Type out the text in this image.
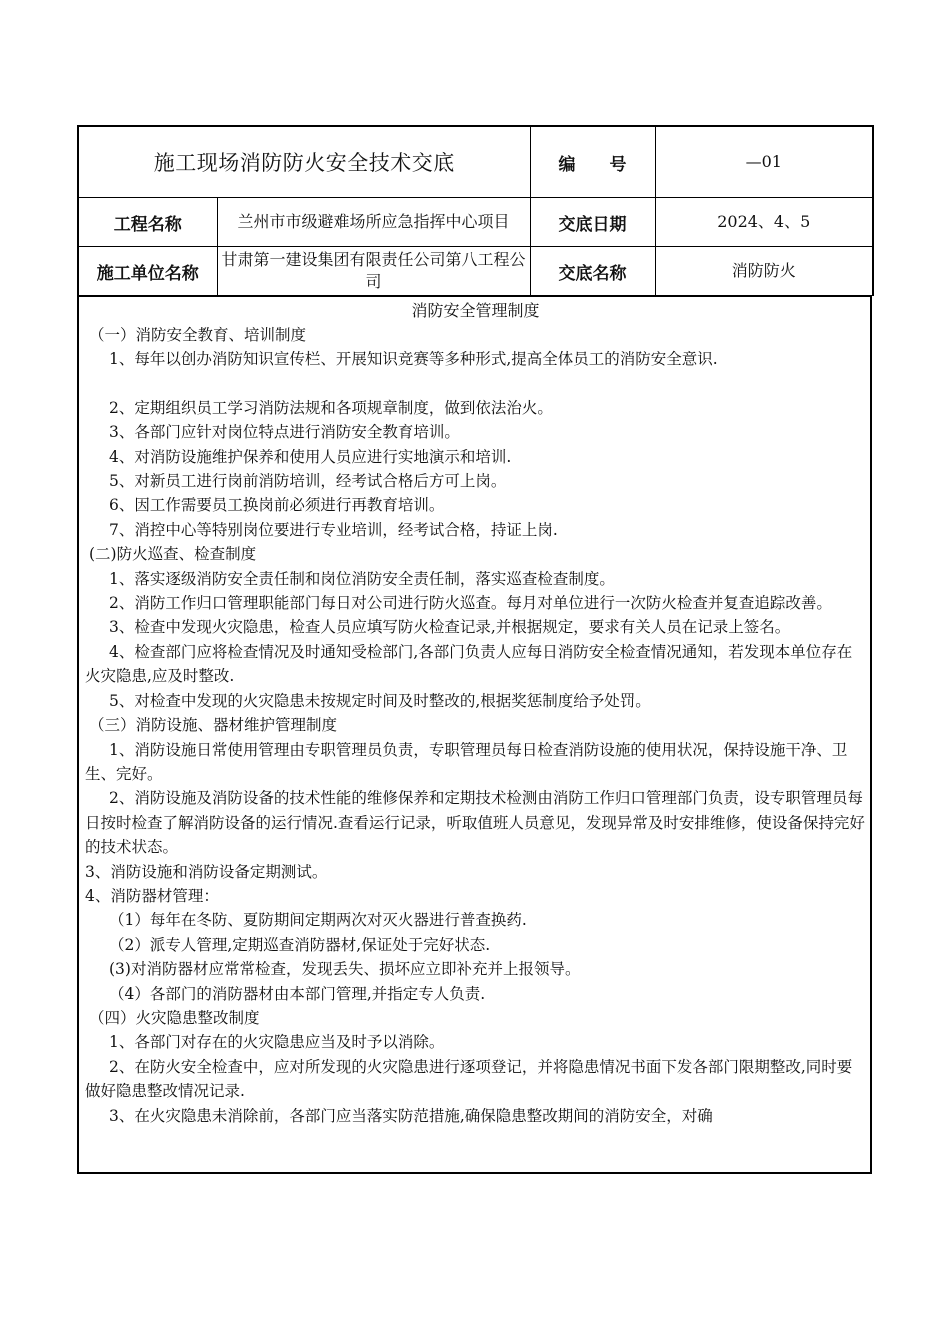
施工现场消防防火安全技术交底		编　　号	—01
工程名称	兰州市市级避难场所应急指挥中心项目	交底日期	2024、4、5
施工单位名称	甘肃第一建设集团有限责任公司第八工程公司	交底名称	消防防火
消防安全管理制度
（一）消防安全教育、培训制度
1、每年以创办消防知识宣传栏、开展知识竞赛等多种形式,提高全体员工的消防安全意识.
2、定期组织员工学习消防法规和各项规章制度，做到依法治火。
3、各部门应针对岗位特点进行消防安全教育培训。
4、对消防设施维护保养和使用人员应进行实地演示和培训.
5、对新员工进行岗前消防培训，经考试合格后方可上岗。
6、因工作需要员工换岗前必须进行再教育培训。
7、消控中心等特别岗位要进行专业培训，经考试合格，持证上岗.
(二)防火巡查、检查制度
1、落实逐级消防安全责任制和岗位消防安全责任制，落实巡查检查制度。
2、消防工作归口管理职能部门每日对公司进行防火巡查。每月对单位进行一次防火检查并复查追踪改善。
3、检查中发现火灾隐患，检查人员应填写防火检查记录,并根据规定，要求有关人员在记录上签名。
4、检查部门应将检查情况及时通知受检部门,各部门负责人应每日消防安全检查情况通知，若发现本单位存在火灾隐患,应及时整改.
5、对检查中发现的火灾隐患未按规定时间及时整改的,根据奖惩制度给予处罚。
（三）消防设施、器材维护管理制度
1、消防设施日常使用管理由专职管理员负责，专职管理员每日检查消防设施的使用状况，保持设施干净、卫生、完好。
2、消防设施及消防设备的技术性能的维修保养和定期技术检测由消防工作归口管理部门负责，设专职管理员每日按时检查了解消防设备的运行情况.查看运行记录，听取值班人员意见，发现异常及时安排维修，使设备保持完好的技术状态。
3、消防设施和消防设备定期测试。
4、消防器材管理：
（1）每年在冬防、夏防期间定期两次对灭火器进行普查换药.
（2）派专人管理,定期巡查消防器材,保证处于完好状态.
(3)对消防器材应常常检查，发现丢失、损坏应立即补充并上报领导。
（4）各部门的消防器材由本部门管理,并指定专人负责.
（四）火灾隐患整改制度
1、各部门对存在的火灾隐患应当及时予以消除。
2、在防火安全检查中，应对所发现的火灾隐患进行逐项登记，并将隐患情况书面下发各部门限期整改,同时要做好隐患整改情况记录.
3、在火灾隐患未消除前，各部门应当落实防范措施,确保隐患整改期间的消防安全，对确
